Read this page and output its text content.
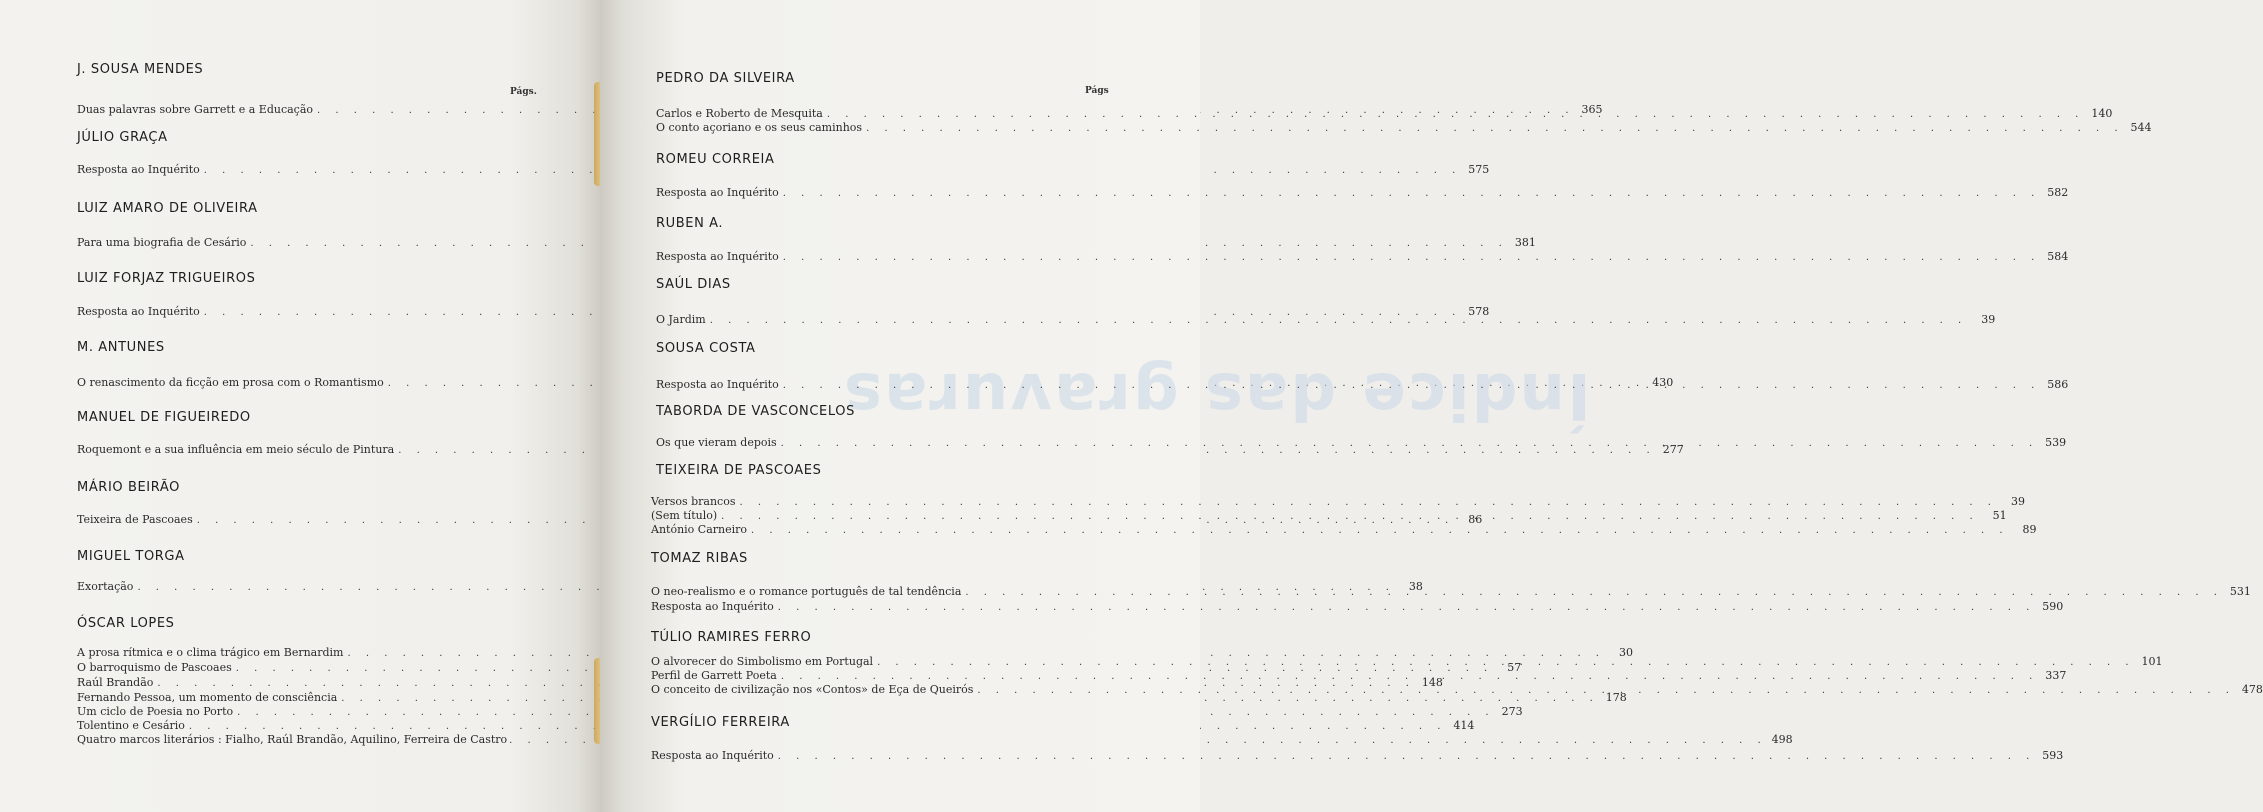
Págs.
J. SOUSA MENDES
Duas palavras sobre Garrett e a Educação . . .	365
JÚLIO GRAÇA
Resposta ao Inquérito . . .	575
LUIZ AMARO DE OLIVEIRA
Para uma biografia de Cesário . . .	381
LUIZ FORJAZ TRIGUEIROS
Resposta ao Inquérito . . .	578
M. ANTUNES
O renascimento da ficção em prosa com o Romantismo . . .	430
MANUEL DE FIGUEIREDO
Roquemont e a sua influência em meio século de Pintura . . .	277
MÁRIO BEIRÃO
Teixeira de Pascoaes . . .	86
MIGUEL TORGA
Exortação . . .	38
ÓSCAR LOPES
A prosa rítmica e o clima trágico em Bernardim . . .	30
O barroquismo de Pascoaes . . .	57
Raúl Brandão . . .	148
Fernando Pessoa, um momento de consciência . . .	178
Um ciclo de Poesia no Porto . . .	273
Tolentino e Cesário . . .	414
Quatro marcos literários : Fialho, Raúl Brandão, Aquilino, Ferreira de Castro . . .	498
Índice das gravuras
Págs
PEDRO DA SILVEIRA
Carlos e Roberto de Mesquita . . .	140
O conto açoriano e os seus caminhos . . .	544
ROMEU CORREIA
Resposta ao Inquérito . . .	582
RUBEN A.
Resposta ao Inquérito . . .	584
SAÚL DIAS
O Jardim . . .	39
SOUSA COSTA
Resposta ao Inquérito . . .	586
TABORDA DE VASCONCELOS
Os que vieram depois . . .	539
TEIXEIRA DE PASCOAES
Versos brancos . . .	39
(Sem título) . . .	51
António Carneiro . . .	89
TOMAZ RIBAS
O neo-realismo e o romance português de tal tendência . . .	531
Resposta ao Inquérito . . .	590
TÚLIO RAMIRES FERRO
O alvorecer do Simbolismo em Portugal . . .	101
Perfil de Garrett Poeta . . .	337
O conceito de civilização nos «Contos» de Eça de Queirós . . .	478
VERGÍLIO FERREIRA
Resposta ao Inquérito . . .	593
